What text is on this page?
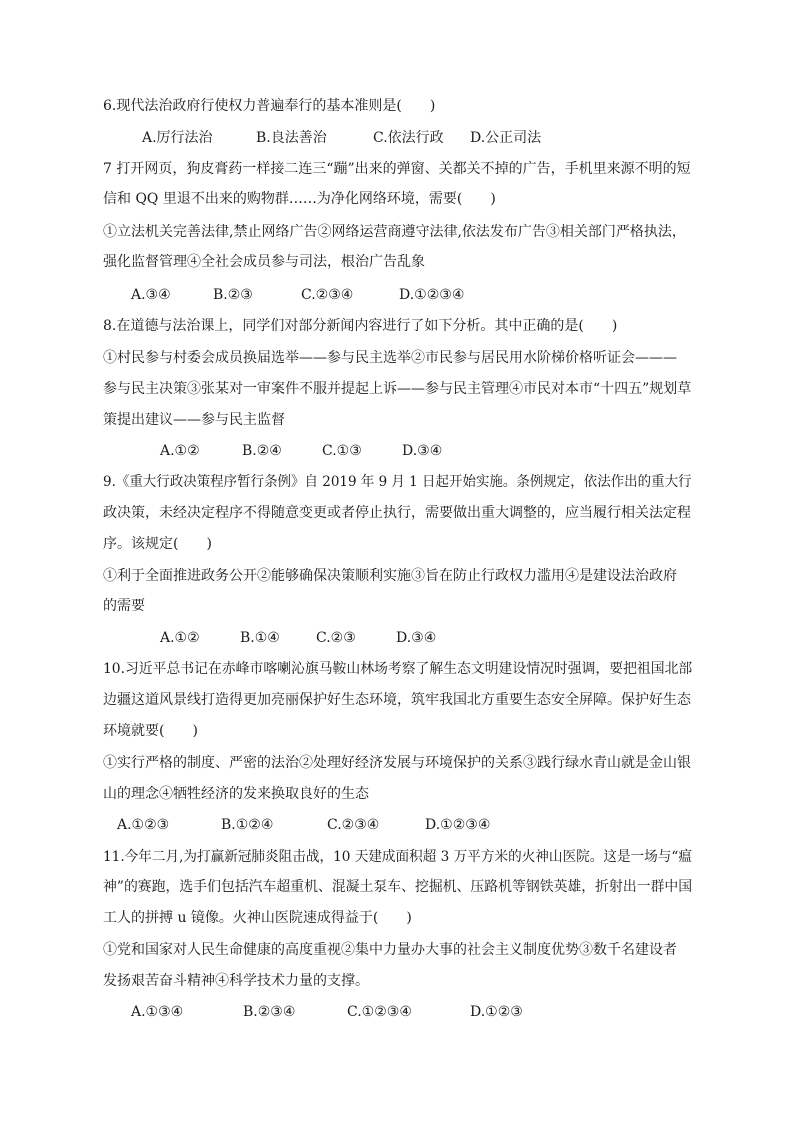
6.现代法治政府行使权力普遍奉行的基本准则是(　　)
A.厉行法治	B.良法善治	C.依法行政 D.公正司法
7 打开网页，狗皮膏药一样接二连三“蹦”出来的弹窗、关都关不掉的广告，手机里来源不明的短
信和 QQ 里退不出来的购物群……为净化网络环境，需要(　　)
①立法机关完善法律,禁止网络广告②网络运营商遵守法律,依法发布广告③相关部门严格执法，
强化监督管理④全社会成员参与司法，根治广告乱象
A.③④	B.②③	C.②③④	D.①②③④
8.在道德与法治课上，同学们对部分新闻内容进行了如下分析。其中正确的是(　　)
①村民参与村委会成员换届选举——参与民主选举②市民参与居民用水阶梯价格听证会———
参与民主决策③张某对一审案件不服并提起上诉——参与民主管理④市民对本市“十四五”规划草
策提出建议——参与民主监督
A.①②	B.②④	C.①③	D.③④
9.《重大行政决策程序暂行条例》自 2019 年 9 月 1 日起开始实施。条例规定，依法作出的重大行
政决策，未经决定程序不得随意变更或者停止执行，需要做出重大调整的，应当履行相关法定程
序。该规定(　　)
①利于全面推进政务公开②能够确保决策顺利实施③旨在防止行政权力滥用④是建设法治政府
的需要
A.①②	B.①④	C.②③	D.③④
10.习近平总书记在赤峰市喀喇沁旗马鞍山林场考察了解生态文明建设情况时强调，要把祖国北部
边疆这道风景线打造得更加亮丽保护好生态环境，筑牢我国北方重要生态安全屏障。保护好生态
环境就要(　　)
①实行严格的制度、严密的法治②处理好经济发展与环境保护的关系③践行绿水青山就是金山银
山的理念④牺牲经济的发来换取良好的生态
A.①②③	B.①②④	C.②③④	D.①②③④
11.今年二月,为打赢新冠肺炎阻击战，10 天建成面积超 3 万平方米的火神山医院。这是一场与“瘟
神”的赛跑，选手们包括汽车超重机、混凝土泵车、挖掘机、压路机等钢铁英雄，折射出一群中国
工人的拼搏 u 镜像。火神山医院速成得益于(　　)
①党和国家对人民生命健康的高度重视②集中力量办大事的社会主义制度优势③数千名建设者
发扬艰苦奋斗精神④科学技术力量的支撑。
A.①③④	B.②③④	C.①②③④	D.①②③
